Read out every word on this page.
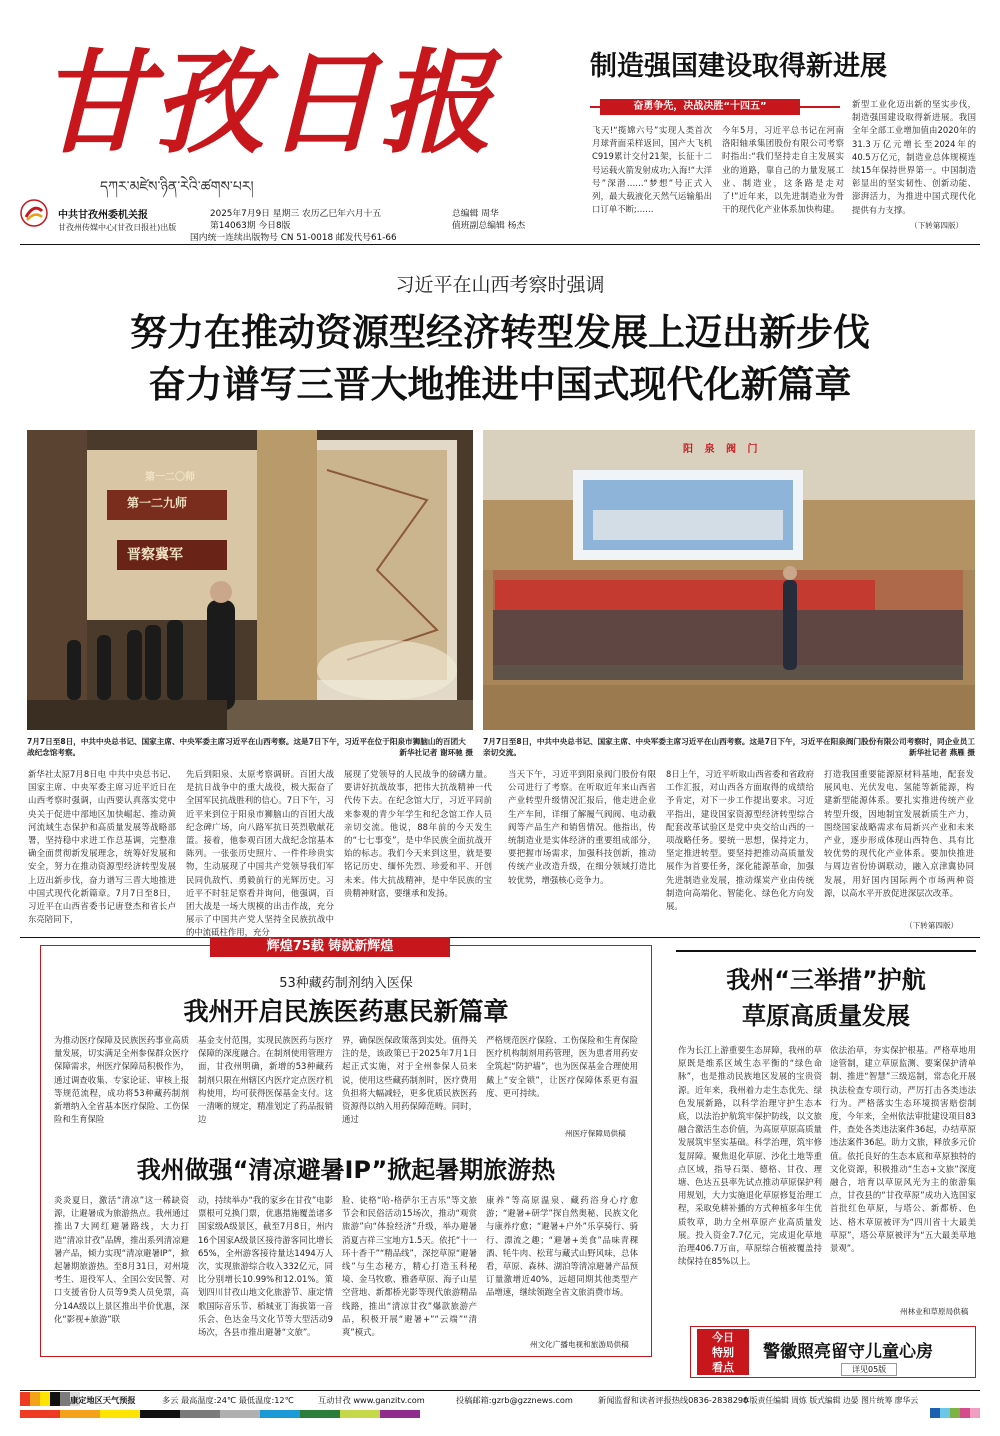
甘孜日报
དཀར་མཛེས་ཉིན་རེའི་ཚགས་པར།
中共甘孜州委机关报
甘孜州传媒中心(甘孜日报社)出版
2025年7月9日 星期三 农历乙巳年六月十五
第14063期 今日8版
国内统一连续出版物号 CN 51-0018 邮发代号61-66
总编辑 周华
值班副总编辑 杨杰
制造强国建设取得新进展
奋勇争先，决战决胜“十四五”
飞天!“揽嫦六号”实现人类首次月球背面采样返回，国产大飞机C919累计交付21架，长征十二号运载火箭发射成功;入海!“大洋号”深潜……“梦想”号正式入列，最大载液化天然气运输船出口订单不断;……
今年5月，习近平总书记在河南洛阳轴承集团股份有限公司考察时指出:“我们坚持走自主发展实业的道路，靠自己的力量发展工业、制造业，这条路是走对了!”近年来，以先进制造业为骨干的现代化产业体系加快构建。
新型工业化迈出新的坚实步伐，制造强国建设取得新进展。我国全年全部工业增加值由2020年的31.3万亿元增长至2024年的40.5万亿元，制造业总体规模连续15年保持世界第一。中国制造彰显出的坚实韧性、创新动能、澎湃活力，为推进中国式现代化提供有力支撑。
（下转第四版）
习近平在山西考察时强调
努力在推动资源型经济转型发展上迈出新步伐
奋力谱写三晋大地推进中国式现代化新篇章
第一二〇师
第一二九师
晋察冀军
7月7日至8日，中共中央总书记、国家主席、中央军委主席习近平在山西考察。这是7日下午，习近平在位于阳泉市狮脑山的百团大战纪念馆考察。	新华社记者 谢环驰 摄
阳 泉 阀 门
7月7日至8日，中共中央总书记、国家主席、中央军委主席习近平在山西考察。这是7日下午，习近平在阳泉阀门股份有限公司考察时，同企业员工亲切交流。	新华社记者 燕雁 摄
新华社太原7月8日电 中共中央总书记、国家主席、中央军委主席习近平近日在山西考察时强调，山西要认真落实党中央关于促进中部地区加快崛起、推动黄河流域生态保护和高质量发展等战略部署，坚持稳中求进工作总基调，完整准确全面贯彻新发展理念，统筹好发展和安全，努力在推动资源型经济转型发展上迈出新步伐，奋力谱写三晋大地推进中国式现代化新篇章。7月7日至8日，习近平在山西省委书记唐登杰和省长卢东亮陪同下，
先后到阳泉、太原考察调研。百团大战是抗日战争中的重大战役，极大振奋了全国军民抗战胜利的信心。7日下午，习近平来到位于阳泉市狮脑山的百团大战纪念碑广场，向八路军抗日英烈敬献花篮。接着，他参观百团大战纪念馆基本陈列。一张张历史照片、一件件珍贵实物，生动展现了中国共产党领导我们军民同仇敌忾、勇毅前行的光辉历史。习近平不时驻足察看并询问，他强调，百团大战是一场大规模的出击作战，充分展示了中国共产党人坚持全民族抗战中的中流砥柱作用，充分
展现了党领导的人民战争的磅礴力量。要讲好抗战故事，把伟大抗战精神一代代传下去。在纪念馆大厅，习近平同前来参观的青少年学生和纪念馆工作人员亲切交流。他说，88年前的今天发生的“七七事变”，是中华民族全面抗战开始的标志。我们今天来到这里，就是要铭记历史、缅怀先烈、珍爱和平、开创未来。伟大抗战精神，是中华民族的宝贵精神财富，要继承和发扬。
当天下午，习近平到阳泉阀门股份有限公司进行了考察。在听取近年来山西省产业转型升级情况汇报后，他走进企业生产车间，详细了解履气阀阀、电动截阀等产品生产和销售情况。他指出，传统制造业是实体经济的重要组成部分，要把握市场需求，加强科技创新，推动传统产业改造升级，在细分领域打造比较优势，增强核心竞争力。
8日上午，习近平听取山西省委和省政府工作汇报，对山西各方面取得的成绩给予肯定，对下一步工作提出要求。习近平指出，建设国家资源型经济转型综合配套改革试验区是党中央交给山西的一项战略任务。要统一思想，保持定力，坚定推进转型。要坚持把推动高质量发展作为首要任务，深化能源革命，加强先进制造业发展，推动煤炭产业由传统制造向高端化、智能化、绿色化方向发展。
打造我国重要能源原材料基地，配套发展风电、光伏发电、氢能等新能源，构建新型能源体系。要扎实推进传统产业转型升级，因地制宜发展新质生产力，围绕国家战略需求布局新兴产业和未来产业，逐步形成体现山西特色、具有比较优势的现代化产业体系。要加快推进与周边省份协调联动，融入京津冀协同发展，用好国内国际两个市场两种资源，以高水平开放促进深层次改革。
（下转第四版）
辉煌75载 铸就新辉煌
53种藏药制剂纳入医保
我州开启民族医药惠民新篇章
为推动医疗保障及民族医药事业高质量发展，切实满足全州参保群众医疗保障需求，州医疗保障局积极作为，通过调查收集、专家论证、审核上报等规范流程，成功将53种藏药制剂新增纳入全省基本医疗保险、工伤保险和生育保险
基金支付范围，实现民族医药与医疗保障的深度融合。在制剂使用管理方面，甘孜州明确，新增的53种藏药制剂只限在州辖区内医疗定点医疗机构使用，均可获得医保基金支付。这一清晰的规定，精准划定了药品报销边
界，确保医保政策落到实处。值得关注的是，该政策已于2025年7月1日起正式实施，对于全州参保人员来说，使用这些藏药制剂时，医疗费用负担将大幅减轻，更多优质民族医药资源得以纳入用药保障范畴。同时，通过
严格规范医疗保险、工伤保险和生育保险医疗机构制剂用药管理，医为患者用药安全筑起“防护墙”，也为医保基金合理使用戴上“安全锁”，让医疗保障体系更有温度、更可持续。
州医疗保障局供稿
我州做强“清凉避暑IP”掀起暑期旅游热
炎炎夏日，激活“清凉”这一稀缺资源，让避暑成为旅游热点。我州通过推出7大网红避暑路线，大力打造“清凉甘孜”品牌，推出系列清凉避暑产品，倾力实现“清凉避暑IP”，掀起暑期旅游热。至8月31日，对州境考生、退役军人、全国公安民警、对口支援省份人员等9类人员免票，高分14A级以上景区推出半价优惠，深化“影视+旅游”联
动，持续举办“我的家乡在甘孜”电影票根可兑换门票，优惠措施覆盖诸多国家级A级景区，截至7月8日，州内16个国家A级景区接待游客同比增长65%，全州游客接待量达1494万人次，实现旅游综合收入332亿元，同比分别增长10.99%和12.01%。策划四川甘孜山地文化旅游节、康定情歌国际音乐节、稻城亚丁海拔第一音乐会、色达金马文化节等大型活动9场次，各县市推出避暑“文旅”。
脸、徒格“哈-格萨尔王吉乐”等文旅节会和民俗活动15场次，推动“观赏旅游”向“体验经济”升级，举办避暑消夏吉祥三宝地方1.5天。依托“十一环十香千”“精品线”，深挖草原“避暑线”与生态秘方，精心打造玉科秘境、金马牧歌、雅砻草原、海子山星空营地、新都桥光影等现代旅游精品线路，推出“清凉甘孜”爆款旅游产品，积极开展“避暑+”“云端”“清爽”模式。
康养”等高原温泉、藏药浴身心疗愈游；“避暑+研学”探自然奥秘、民族文化与康养疗愈；“避暑+户外”乐享骑行、骑行、漂流之趣；“避暑+美食”品味青稞酒、牦牛肉、松茸与藏式山野风味，总体看，草原、森林、湖泊等清凉避暑产品预订量激增近40%，远超同期其他类型产品增速，继续领跑全省文旅消费市场。
州文化广播电视和旅游局供稿
我州“三举措”护航
草原高质量发展
作为长江上游重要生态屏障，我州的草原既是维系区域生态平衡的“绿色命脉”，也是推动民族地区发展的宝贵资源。近年来，我州着力走生态优先、绿色发展新路，以科学治理守护生态本底，以法治护航筑牢保护防线，以文旅融合激活生态价值，为高原草原高质量发展筑牢坚实基础。科学治理，筑牢修复屏障。聚焦退化草原、沙化土地等重点区域，指导石渠、德格、甘孜、理塘、色达五县率先试点推动草原保护利用规划，大力实施退化草原修复治理工程，采取免耕补播的方式种植多年生优质牧草，助力全州草原产业高质量发展。投入资金7.7亿元，完成退化草地治理406.7万亩，草原综合植被覆盖持续保持在85%以上。
依法治草，夯实保护根基。严格草地用途管制，建立草原监测、要案保护清单制、推进“智慧”三级巡制，常态化开展执法检查专项行动，严厉打击各类违法行为。严格落实生态环境损害赔偿制度，今年来，全州依法审批建设项目83件，查处各类违法案件36起，办结草原违法案件36起。助力文旅，释放多元价值。依托良好的生态本底和草原独特的文化资源，积极推动“生态+文旅”深度融合，培育以草原风光为主的旅游集点，甘孜县的“甘孜草原”成功入选国家首批红色草原，与塔公、新都桥、色达、格木草原被评为“四川省十大最美草原”，塔公草原被评为“五大最美草地景观”。
州林业和草原局供稿
今日
特别
看点
警徽照亮留守儿童心房
详见05版
康定地区天气预报	多云 最高温度:24℃ 最低温度:12℃	互动甘孜 www.ganzitv.com	投稿邮箱:gzrb@gzznews.com	新闻监督和读者评报热线0836-2838290
本版责任编辑 周炼 版式编辑 边晏 图片统筹 廖华云
